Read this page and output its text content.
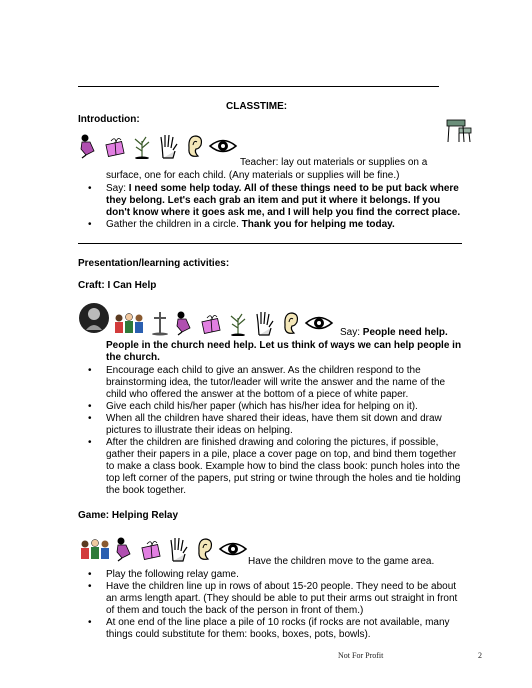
CLASSTIME:
Introduction:
Teacher: lay out materials or supplies on a
surface, one for each child. (Any materials or supplies will be fine.)
• Say: I need some help today. All of these things need to be put back where
they belong. Let's each grab an item and put it where it belongs. If you
don't know where it goes ask me, and I will help you find the correct place.
• Gather the children in a circle. Thank you for helping me today.
Presentation/learning activities:
Craft: I Can Help
Say: People need help.
People in the church need help. Let us think of ways we can help people in
the church.
• Encourage each child to give an answer. As the children respond to the
brainstorming idea, the tutor/leader will write the answer and the name of the
child who offered the answer at the bottom of a piece of white paper.
• Give each child his/her paper (which has his/her idea for helping on it).
• When all the children have shared their ideas, have them sit down and draw
pictures to illustrate their ideas on helping.
• After the children are finished drawing and coloring the pictures, if possible,
gather their papers in a pile, place a cover page on top, and bind them together
to make a class book. Example how to bind the class book: punch holes into the
top left corner of the papers, put string or twine through the holes and tie holding
the book together.
Game: Helping Relay
Have the children move to the game area.
• Play the following relay game.
• Have the children line up in rows of about 15-20 people. They need to be about
an arms length apart. (They should be able to put their arms out straight in front
of them and touch the back of the person in front of them.)
• At one end of the line place a pile of 10 rocks (if rocks are not available, many
things could substitute for them: books, boxes, pots, bowls).
Not For Profit	2
